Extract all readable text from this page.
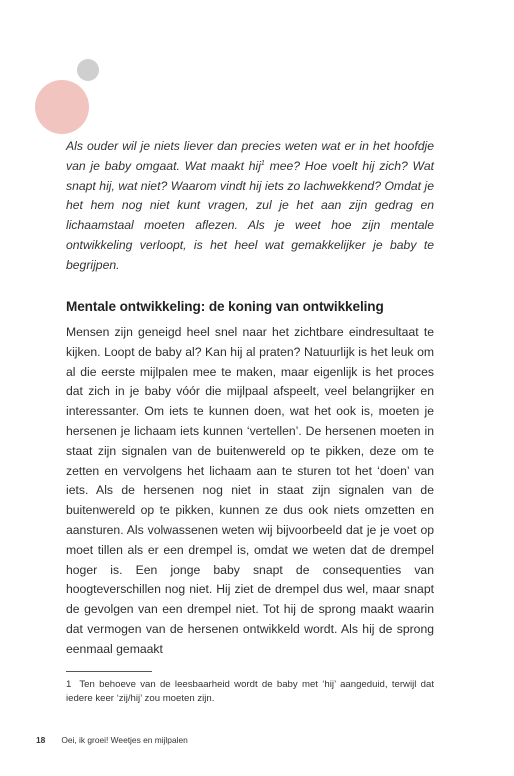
Als ouder wil je niets liever dan precies weten wat er in het hoofdje van je baby omgaat. Wat maakt hij$^1$ mee? Hoe voelt hij zich? Wat snapt hij, wat niet? Waarom vindt hij iets zo lachwekkend? Omdat je het hem nog niet kunt vragen, zul je het aan zijn gedrag en lichaamstaal moeten aflezen. Als je weet hoe zijn mentale ontwikkeling verloopt, is het heel wat gemakkelijker je baby te begrijpen.

Mentale ontwikkeling: de koning van ontwikkeling

Mensen zijn geneigd heel snel naar het zichtbare eindresultaat te kijken. Loopt de baby al? Kan hij al praten? Natuurlijk is het leuk om al die eerste mijlpalen mee te maken, maar eigenlijk is het proces dat zich in je baby vóór die mijlpaal afspeelt, veel belangrijker en interessanter. Om iets te kunnen doen, wat het ook is, moeten je hersenen je lichaam iets kunnen ‘vertellen’. De hersenen moeten in staat zijn signalen van de buitenwereld op te pikken, deze om te zetten en vervolgens het lichaam aan te sturen tot het ‘doen’ van iets. Als de hersenen nog niet in staat zijn signalen van de buitenwereld op te pikken, kunnen ze dus ook niets omzetten en aansturen. Als volwassenen weten wij bijvoorbeeld dat je je voet op moet tillen als er een drempel is, omdat we weten dat de drempel hoger is. Een jonge baby snapt de consequenties van hoogteverschillen nog niet. Hij ziet de drempel dus wel, maar snapt de gevolgen van een drempel niet. Tot hij de sprong maakt waarin dat vermogen van de hersenen ontwikkeld wordt. Als hij de sprong eenmaal gemaakt

1 Ten behoeve van de leesbaarheid wordt de baby met ‘hij’ aangeduid, terwijl dat iedere keer ‘zij/hij’ zou moeten zijn.

18 Oei, ik groei! Weetjes en mijlpalen
